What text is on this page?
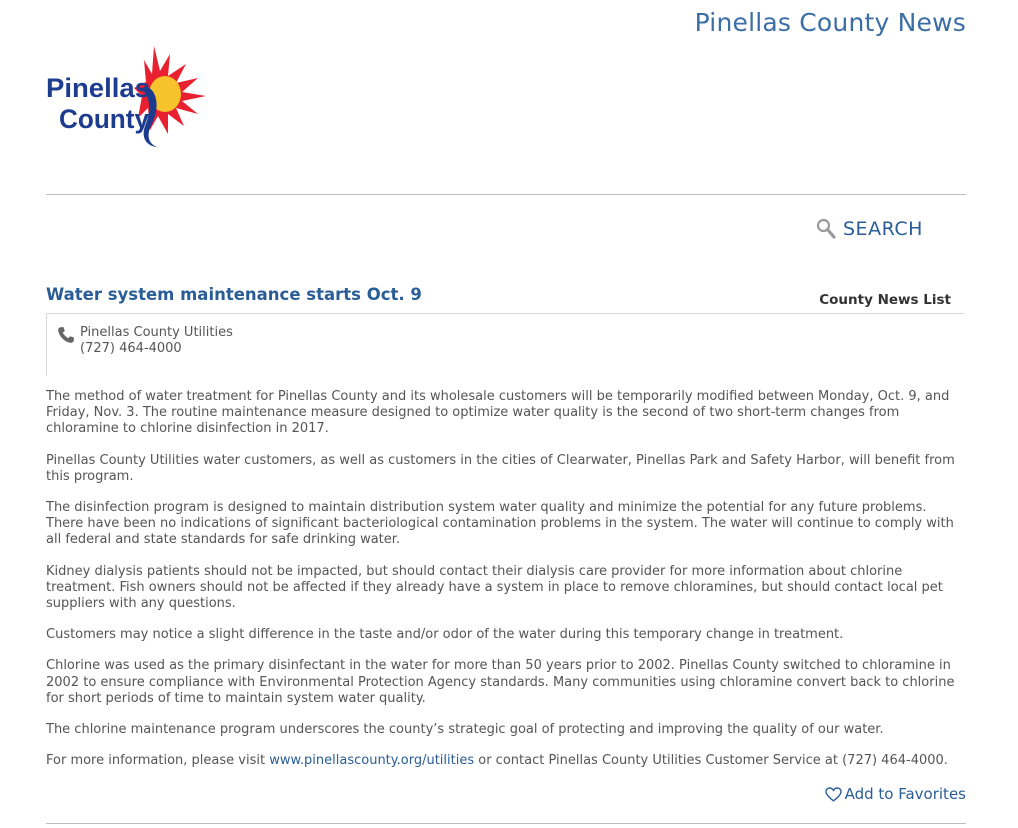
Pinellas County News
Pinellas
County
SEARCH
Water system maintenance starts Oct. 9	County News List
Pinellas County Utilities
(727) 464-4000

The method of water treatment for Pinellas County and its wholesale customers will be temporarily modified between Monday, Oct. 9, and Friday, Nov. 3. The routine maintenance measure designed to optimize water quality is the second of two short-term changes from chloramine to chlorine disinfection in 2017.

Pinellas County Utilities water customers, as well as customers in the cities of Clearwater, Pinellas Park and Safety Harbor, will benefit from this program.

The disinfection program is designed to maintain distribution system water quality and minimize the potential for any future problems. There have been no indications of significant bacteriological contamination problems in the system. The water will continue to comply with all federal and state standards for safe drinking water.

Kidney dialysis patients should not be impacted, but should contact their dialysis care provider for more information about chlorine treatment. Fish owners should not be affected if they already have a system in place to remove chloramines, but should contact local pet suppliers with any questions.

Customers may notice a slight difference in the taste and/or odor of the water during this temporary change in treatment.

Chlorine was used as the primary disinfectant in the water for more than 50 years prior to 2002. Pinellas County switched to chloramine in 2002 to ensure compliance with Environmental Protection Agency standards. Many communities using chloramine convert back to chlorine for short periods of time to maintain system water quality.

The chlorine maintenance program underscores the county’s strategic goal of protecting and improving the quality of our water.

For more information, please visit www.pinellascounty.org/utilities or contact Pinellas County Utilities Customer Service at (727) 464-4000.

Add to Favorites
